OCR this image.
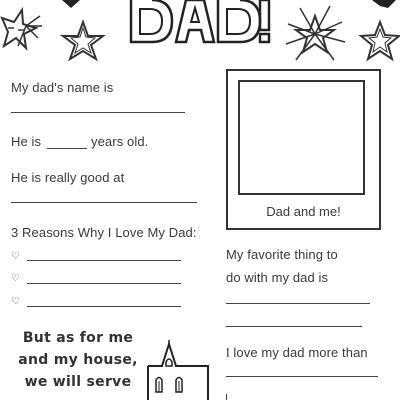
My dad's name is
He is	years old.
He is really good at
3 Reasons Why I Love My Dad:
♡
♡
♡
Dad and me!
My favorite thing to
do with my dad is
I love my dad more than
But as for me
and my house,
we will serve
